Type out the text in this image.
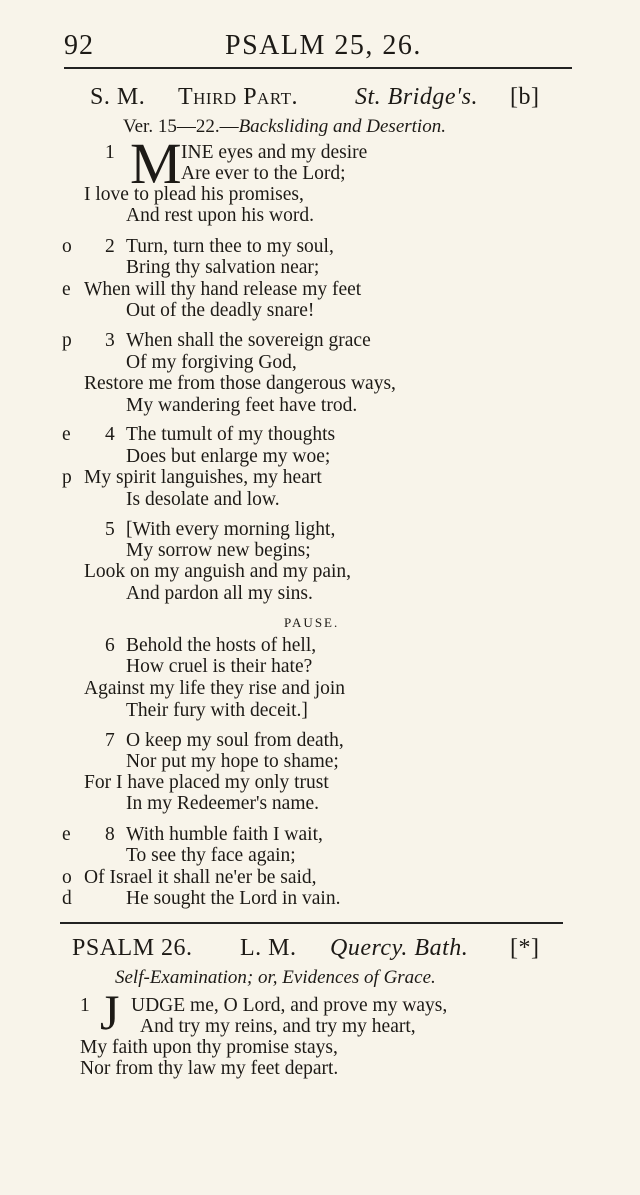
92	PSALM 25, 26.
S. M. Third Part. St. Bridge's. [b]
Ver. 15—22.—Backsliding and Desertion.
1 M INE eyes and my desire
Are ever to the Lord;
I love to plead his promises,
And rest upon his word.
o 2 Turn, turn thee to my soul,
Bring thy salvation near;
e When will thy hand release my feet
Out of the deadly snare!
p 3 When shall the sovereign grace
Of my forgiving God,
Restore me from those dangerous ways,
My wandering feet have trod.
e 4 The tumult of my thoughts
Does but enlarge my woe;
p My spirit languishes, my heart
Is desolate and low.
5 [With every morning light,
My sorrow new begins;
Look on my anguish and my pain,
And pardon all my sins.
PAUSE.
6 Behold the hosts of hell,
How cruel is their hate?
Against my life they rise and join
Their fury with deceit.]
7 O keep my soul from death,
Nor put my hope to shame;
For I have placed my only trust
In my Redeemer's name.
e 8 With humble faith I wait,
To see thy face again;
o Of Israel it shall ne'er be said,
d	He sought the Lord in vain.
PSALM 26. L. M. Quercy. Bath. [*]
Self-Examination; or, Evidences of Grace.
1 J UDGE me, O Lord, and prove my ways,
And try my reins, and try my heart,
My faith upon thy promise stays,
Nor from thy law my feet depart.
